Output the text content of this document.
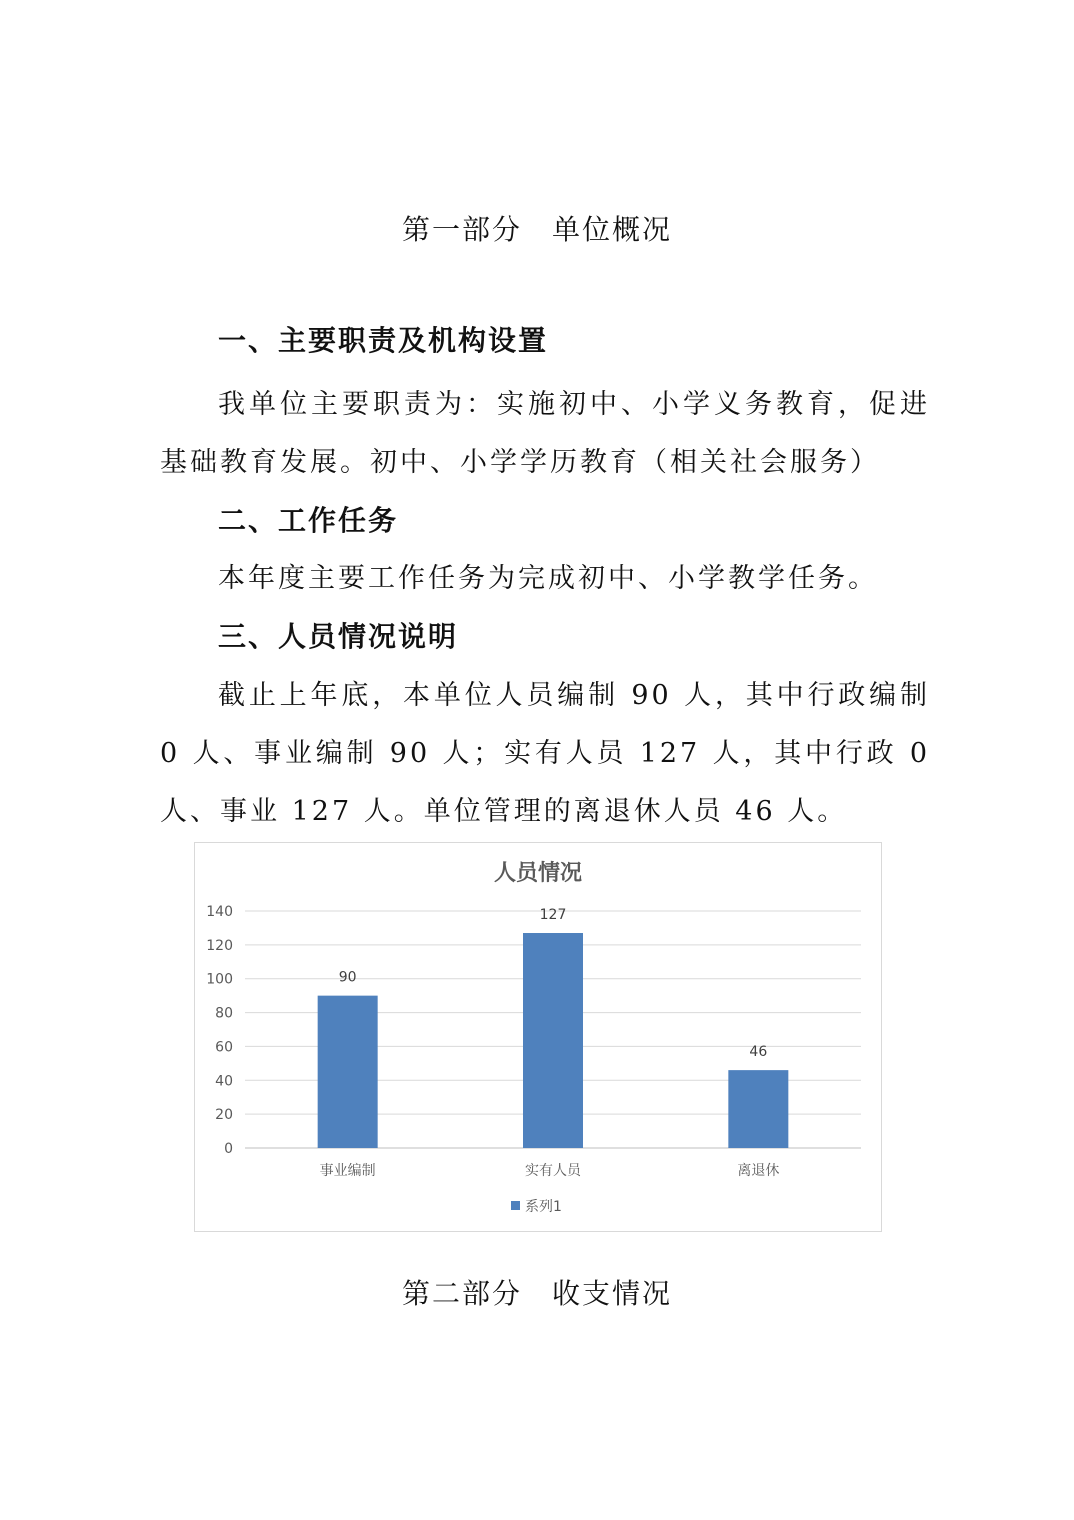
第一部分　单位概况
一、主要职责及机构设置

我单位主要职责为：实施初中、小学义务教育，促进基础教育发展。初中、小学学历教育（相关社会服务）

二、工作任务

本年度主要工作任务为完成初中、小学教学任务。

三、人员情况说明

截止上年底，本单位人员编制 90 人，其中行政编制 0 人、事业编制 90 人；实有人员 127 人，其中行政 0 人、事业 127 人。单位管理的离退休人员 46 人。

人员情况
0
20
40
60
80
100
120
140
90
事业编制
127
实有人员
46
离退休
系列1
第二部分　收支情况
